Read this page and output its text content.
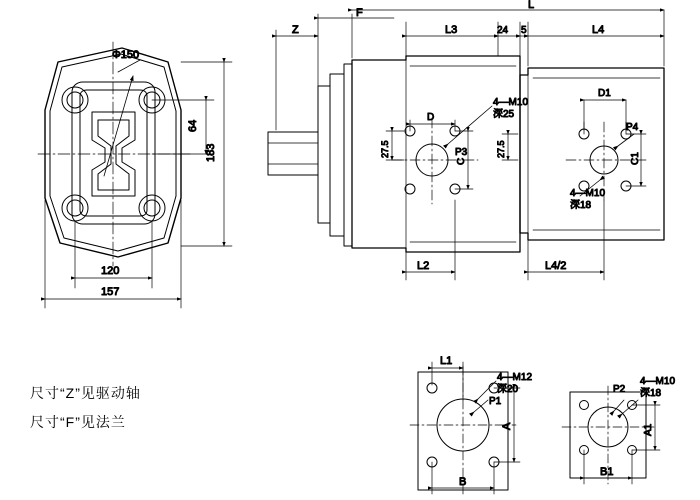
Φ150
64
183
120
157
4—M10
深25
P3
D
C
27.5
P4
4—M10
深18
D1
C1
27.5
Z
F
L
L3	24 5	L4
L2	L4/2
4—M12
深20
P1
L1
A
B
4—M10
深18
P2
A1
B1
尺寸“Z”见驱动轴
尺寸“F”见法兰
